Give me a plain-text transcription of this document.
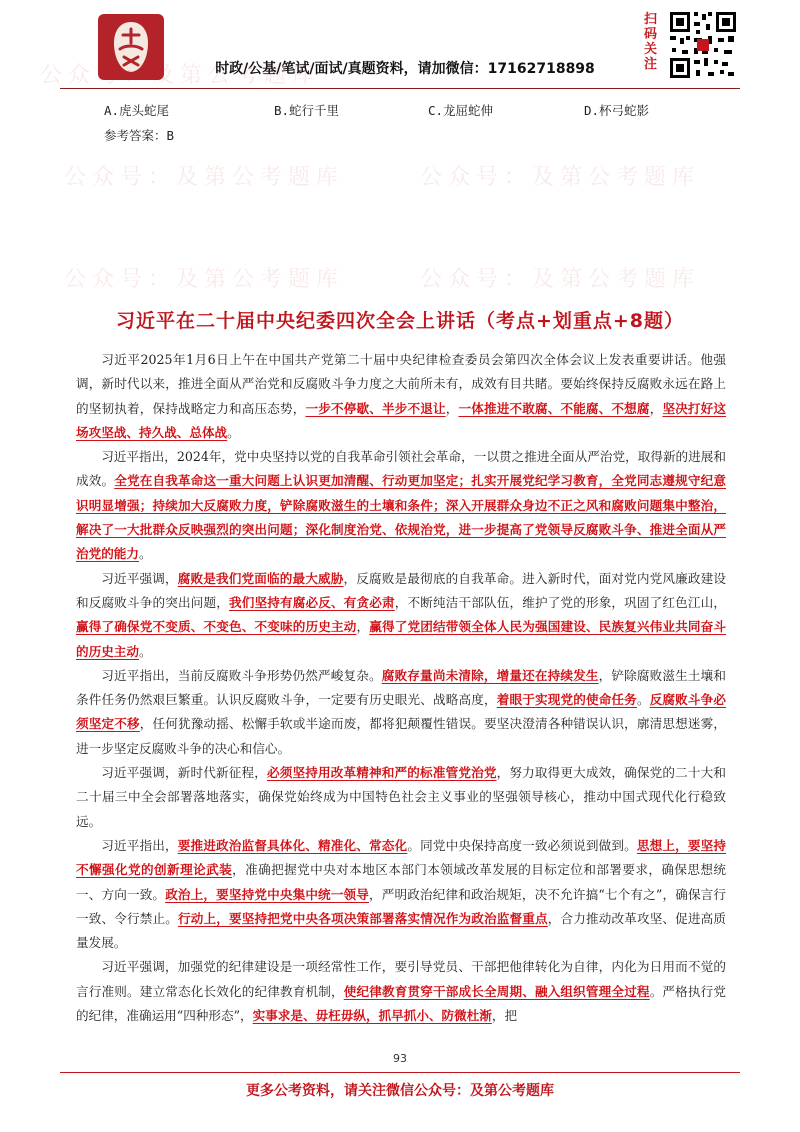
时政/公基/笔试/面试/真题资料，请加微信：17162718898
扫码关注
公众号：及第公考题库
公众号：及第公考题库	公众号：及第公考题库
公众号：及第公考题库	公众号：及第公考题库
A.虎头蛇尾	B.蛇行千里	C.龙屈蛇伸	D.杯弓蛇影
参考答案：B
习近平在二十届中央纪委四次全会上讲话（考点+划重点+8题）

习近平2025年1月6日上午在中国共产党第二十届中央纪律检查委员会第四次全体会议上发表重要讲话。他强调，新时代以来，推进全面从严治党和反腐败斗争力度之大前所未有，成效有目共睹。要始终保持反腐败永远在路上的坚韧执着，保持战略定力和高压态势，一步不停歇、半步不退让，一体推进不敢腐、不能腐、不想腐，坚决打好这场攻坚战、持久战、总体战。

习近平指出，2024年，党中央坚持以党的自我革命引领社会革命，一以贯之推进全面从严治党，取得新的进展和成效。全党在自我革命这一重大问题上认识更加清醒、行动更加坚定；扎实开展党纪学习教育，全党同志遵规守纪意识明显增强；持续加大反腐败力度，铲除腐败滋生的土壤和条件；深入开展群众身边不正之风和腐败问题集中整治，解决了一大批群众反映强烈的突出问题；深化制度治党、依规治党，进一步提高了党领导反腐败斗争、推进全面从严治党的能力。

习近平强调，腐败是我们党面临的最大威胁，反腐败是最彻底的自我革命。进入新时代，面对党内党风廉政建设和反腐败斗争的突出问题，我们坚持有腐必反、有贪必肃，不断纯洁干部队伍，维护了党的形象，巩固了红色江山，赢得了确保党不变质、不变色、不变味的历史主动，赢得了党团结带领全体人民为强国建设、民族复兴伟业共同奋斗的历史主动。

习近平指出，当前反腐败斗争形势仍然严峻复杂。腐败存量尚未清除，增量还在持续发生，铲除腐败滋生土壤和条件任务仍然艰巨繁重。认识反腐败斗争，一定要有历史眼光、战略高度，着眼于实现党的使命任务。反腐败斗争必须坚定不移，任何犹豫动摇、松懈手软或半途而废，都将犯颠覆性错误。要坚决澄清各种错误认识，廓清思想迷雾，进一步坚定反腐败斗争的决心和信心。

习近平强调，新时代新征程，必须坚持用改革精神和严的标准管党治党，努力取得更大成效，确保党的二十大和二十届三中全会部署落地落实，确保党始终成为中国特色社会主义事业的坚强领导核心，推动中国式现代化行稳致远。

习近平指出，要推进政治监督具体化、精准化、常态化。同党中央保持高度一致必须说到做到。思想上，要坚持不懈强化党的创新理论武装，准确把握党中央对本地区本部门本领域改革发展的目标定位和部署要求，确保思想统一、方向一致。政治上，要坚持党中央集中统一领导，严明政治纪律和政治规矩，决不允许搞“七个有之”，确保言行一致、令行禁止。行动上，要坚持把党中央各项决策部署落实情况作为政治监督重点，合力推动改革攻坚、促进高质量发展。

习近平强调，加强党的纪律建设是一项经常性工作，要引导党员、干部把他律转化为自律，内化为日用而不觉的言行准则。建立常态化长效化的纪律教育机制，使纪律教育贯穿干部成长全周期、融入组织管理全过程。严格执行党的纪律，准确运用“四种形态”，实事求是、毋枉毋纵，抓早抓小、防微杜渐，把

93
更多公考资料，请关注微信公众号：及第公考题库
